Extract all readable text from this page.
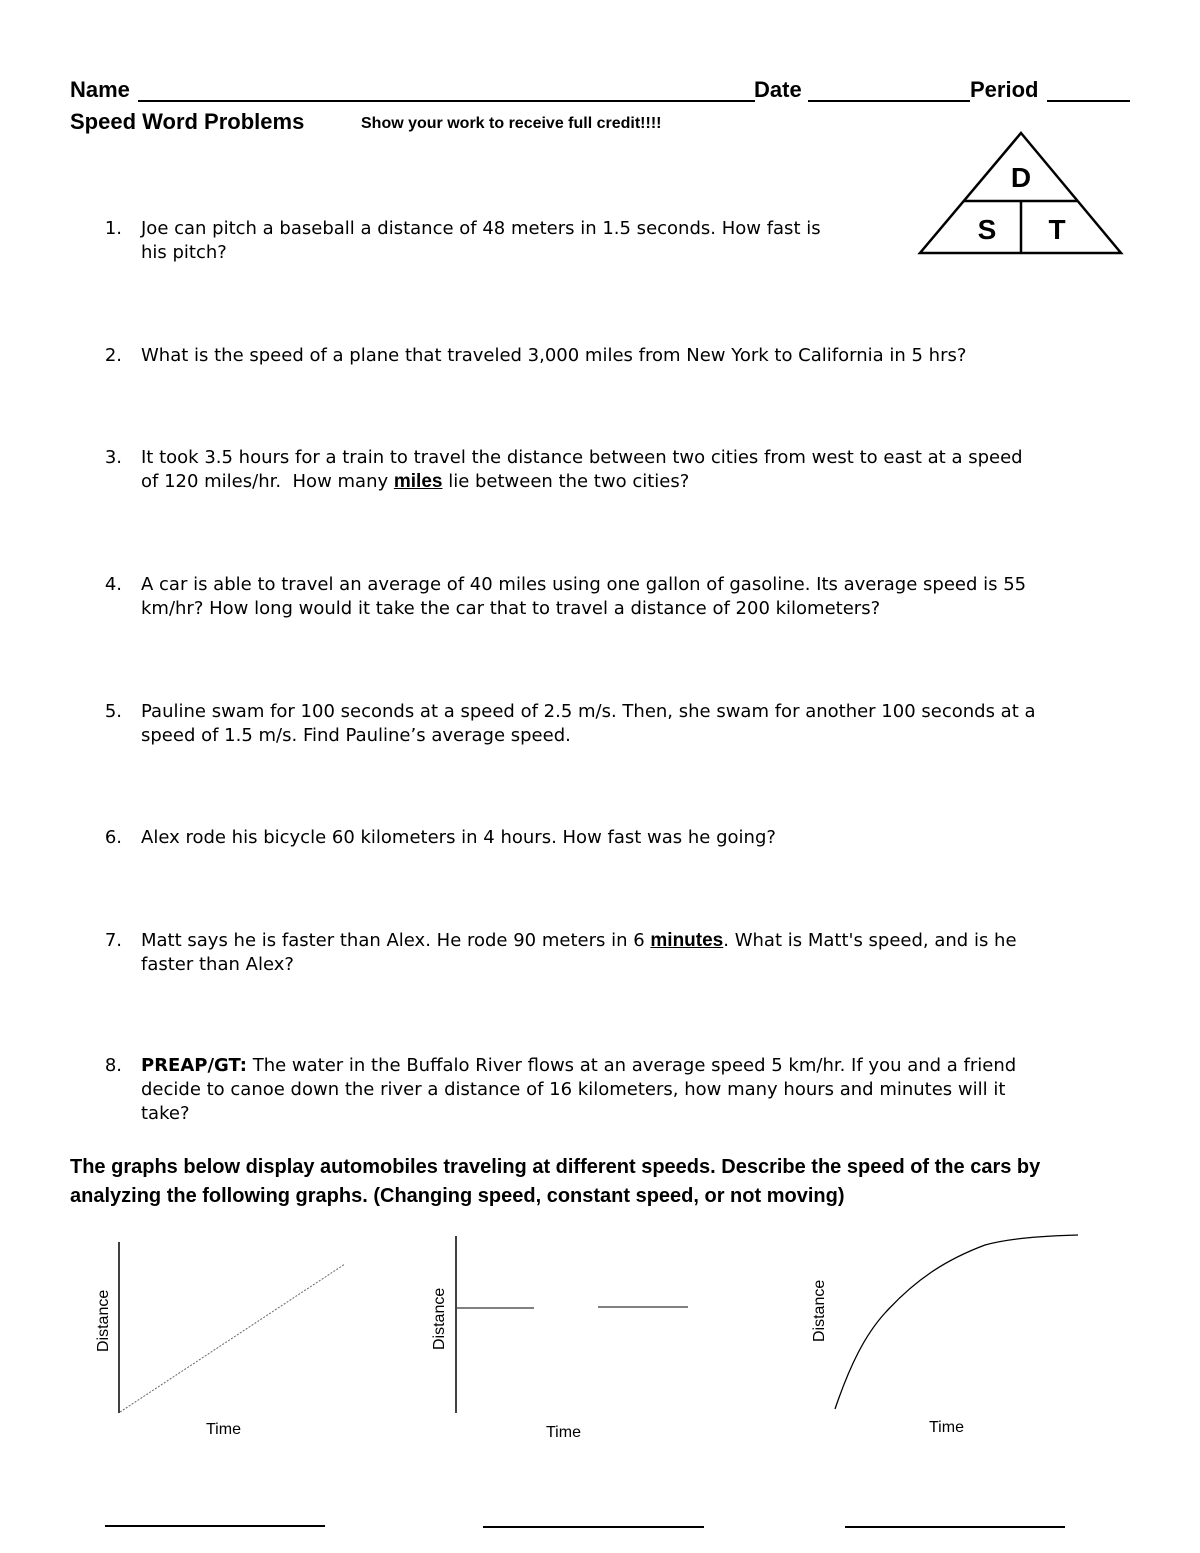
Name	Date	Period
Speed Word Problems	Show your work to receive full credit!!!!
D
S T
1. Joe can pitch a baseball a distance of 48 meters in 1.5 seconds. How fast is
his pitch?
2. What is the speed of a plane that traveled 3,000 miles from New York to California in 5 hrs?
3. It took 3.5 hours for a train to travel the distance between two cities from west to east at a speed
of 120 miles/hr.  How many miles lie between the two cities?
4. A car is able to travel an average of 40 miles using one gallon of gasoline. Its average speed is 55
km/hr? How long would it take the car that to travel a distance of 200 kilometers?
5. Pauline swam for 100 seconds at a speed of 2.5 m/s. Then, she swam for another 100 seconds at a
speed of 1.5 m/s. Find Pauline’s average speed.
6. Alex rode his bicycle 60 kilometers in 4 hours. How fast was he going?
7. Matt says he is faster than Alex. He rode 90 meters in 6 minutes. What is Matt's speed, and is he
faster than Alex?
8. PREAP/GT: The water in the Buffalo River flows at an average speed 5 km/hr. If you and a friend
decide to canoe down the river a distance of 16 kilometers, how many hours and minutes will it
take?
The graphs below display automobiles traveling at different speeds. Describe the speed of the cars by
analyzing the following graphs. (Changing speed, constant speed, or not moving)
Distance
Time
Distance
Time
Distance
Time
